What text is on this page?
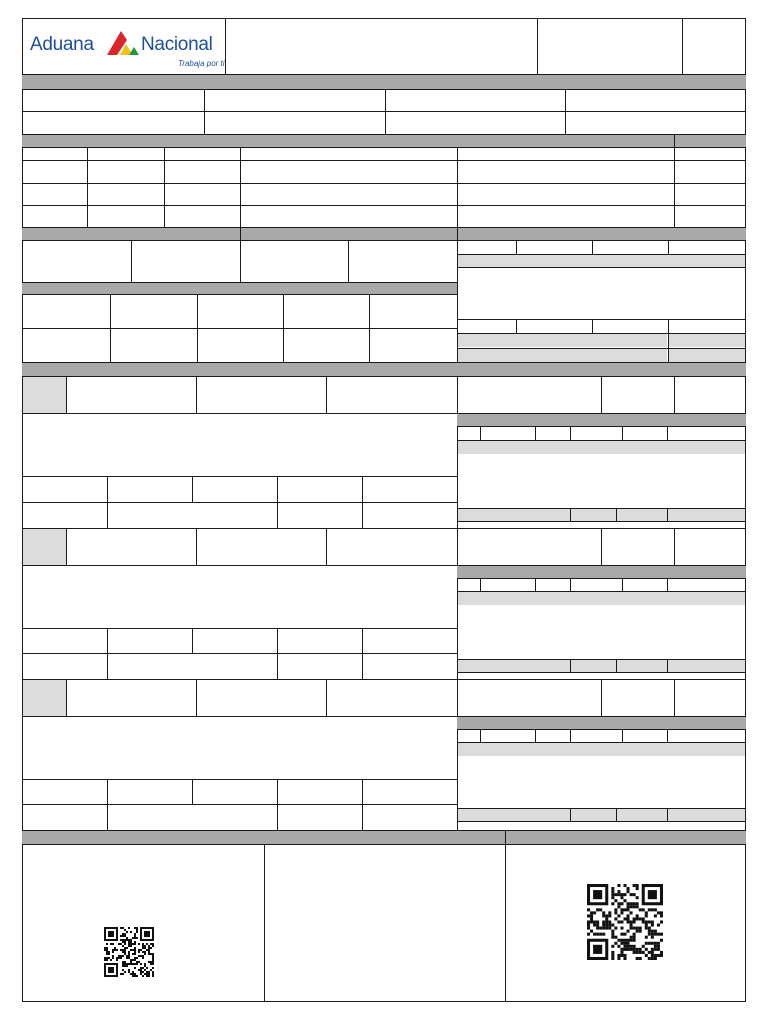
Aduana Nacional
Trabaja por ti
